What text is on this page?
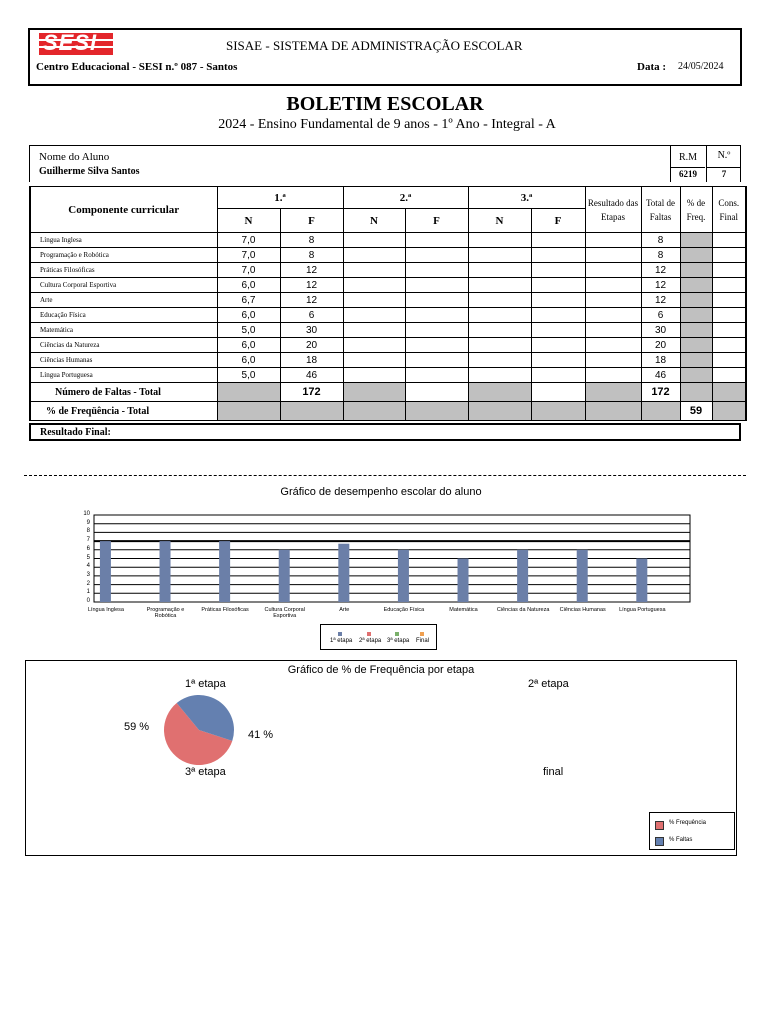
SESI	SISAE - SISTEMA DE ADMINISTRAÇÃO ESCOLAR
Centro Educacional - SESI n.º 087 - Santos	Data : 24/05/2024
BOLETIM ESCOLAR
2024 - Ensino Fundamental de 9 anos - 1º Ano - Integral - A
Nome do Aluno
Guilherme Silva Santos
R.M
6219
N.º
7
Componente curricular	1.ª		2.ª		3.ª		Resultado das Etapas	Total de Faltas	% de Freq.	Cons. Final
	N	F	N	F	N	F				
Língua Inglesa	7,0	8						8		
Programação e Robótica	7,0	8						8		
Práticas Filosóficas	7,0	12						12		
Cultura Corporal Esportiva	6,0	12						12		
Arte	6,7	12						12		
Educação Física	6,0	6						6		
Matemática	5,0	30						30		
Ciências da Natureza	6,0	20						20		
Ciências Humanas	6,0	18						18		
Língua Portuguesa	5,0	46						46		
Número de Faltas - Total		172						172		
% de Freqüência - Total									59	
Resultado Final:
Gráfico de desempenho escolar do aluno
0
1
2
3
4
5
6
7
8
9
10
Língua Inglesa	Programação e Robótica
Práticas Filosóficas	Cultura Corporal Esportiva
Arte	Educação Física	Matemática	Ciências da Natureza	Ciências Humanas	Língua Portuguesa
1ª etapa 2ª etapa 3ª etapa Final
Gráfico de % de Frequência por etapa
1ª etapa	2ª etapa
3ª etapa	final
59 %
41 %
% Frequência
% Faltas
